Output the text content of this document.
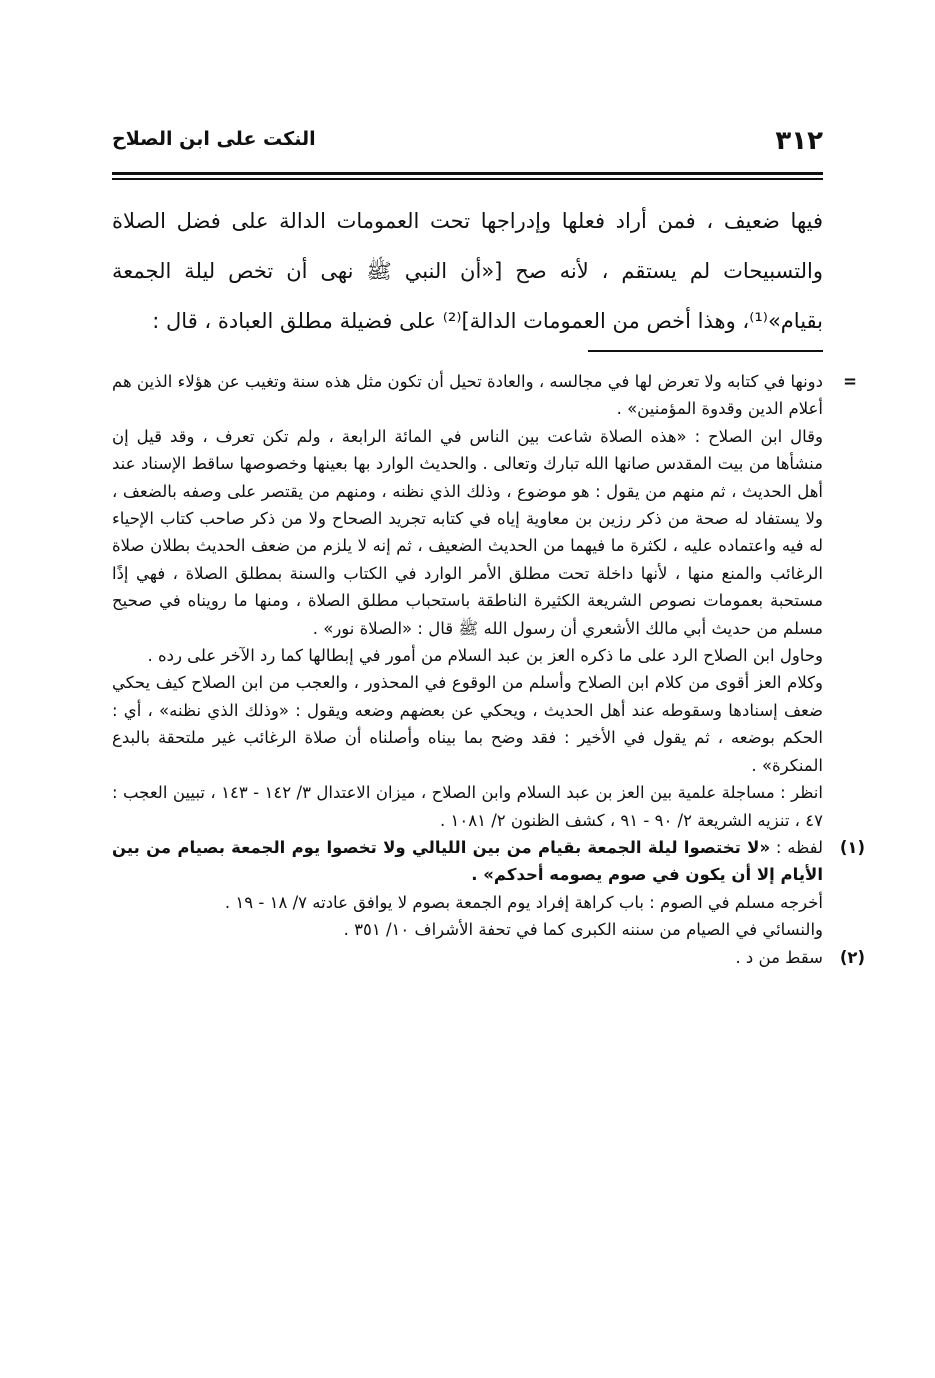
٣١٢
النكت على ابن الصلاح

فيها ضعيف ، فمن أراد فعلها وإدراجها تحت العمومات الدالة على فضل الصلاة والتسبيحات لم يستقم ، لأنه صح [«أن النبي ﷺ نهى أن تخص ليلة الجمعة بقيام»⁽¹⁾، وهذا أخص من العمومات الدالة]⁽²⁾ على فضيلة مطلق العبادة ، قال :

=

دونها في كتابه ولا تعرض لها في مجالسه ، والعادة تحيل أن تكون مثل هذه سنة وتغيب عن هؤلاء الذين هم أعلام الدين وقدوة المؤمنين» .

وقال ابن الصلاح : «هذه الصلاة شاعت بين الناس في المائة الرابعة ، ولم تكن تعرف ، وقد قيل إن منشأها من بيت المقدس صانها الله تبارك وتعالى . والحديث الوارد بها بعينها وخصوصها ساقط الإسناد عند أهل الحديث ، ثم منهم من يقول : هو موضوع ، وذلك الذي نظنه ، ومنهم من يقتصر على وصفه بالضعف ، ولا يستفاد له صحة من ذكر رزين بن معاوية إياه في كتابه تجريد الصحاح ولا من ذكر صاحب كتاب الإحياء له فيه واعتماده عليه ، لكثرة ما فيهما من الحديث الضعيف ، ثم إنه لا يلزم من ضعف الحديث بطلان صلاة الرغائب والمنع منها ، لأنها داخلة تحت مطلق الأمر الوارد في الكتاب والسنة بمطلق الصلاة ، فهي إذًا مستحبة بعمومات نصوص الشريعة الكثيرة الناطقة باستحباب مطلق الصلاة ، ومنها ما رويناه في صحيح مسلم من حديث أبي مالك الأشعري أن رسول الله ﷺ قال : «الصلاة نور» .

وحاول ابن الصلاح الرد على ما ذكره العز بن عبد السلام من أمور في إبطالها كما رد الآخر على رده .

وكلام العز أقوى من كلام ابن الصلاح وأسلم من الوقوع في المحذور ، والعجب من ابن الصلاح كيف يحكي ضعف إسنادها وسقوطه عند أهل الحديث ، ويحكي عن بعضهم وضعه ويقول : «وذلك الذي نظنه» ، أي : الحكم بوضعه ، ثم يقول في الأخير : فقد وضح بما بيناه وأصلناه أن صلاة الرغائب غير ملتحقة بالبدع المنكرة» .

انظر : مساجلة علمية بين العز بن عبد السلام وابن الصلاح ، ميزان الاعتدال ٣/ ١٤٢ - ١٤٣ ، تبيين العجب : ٤٧ ، تنزيه الشريعة ٢/ ٩٠ - ٩١ ، كشف الظنون ٢/ ١٠٨١ .

(١)

لفظه : «لا تختصوا ليلة الجمعة بقيام من بين الليالي ولا تخصوا يوم الجمعة بصيام من بين الأيام إلا أن يكون في صوم يصومه أحدكم» .

أخرجه مسلم في الصوم : باب كراهة إفراد يوم الجمعة بصوم لا يوافق عادته ٧/ ١٨ - ١٩ .

والنسائي في الصيام من سننه الكبرى كما في تحفة الأشراف ١٠/ ٣٥١ .

(٢)

سقط من د .
